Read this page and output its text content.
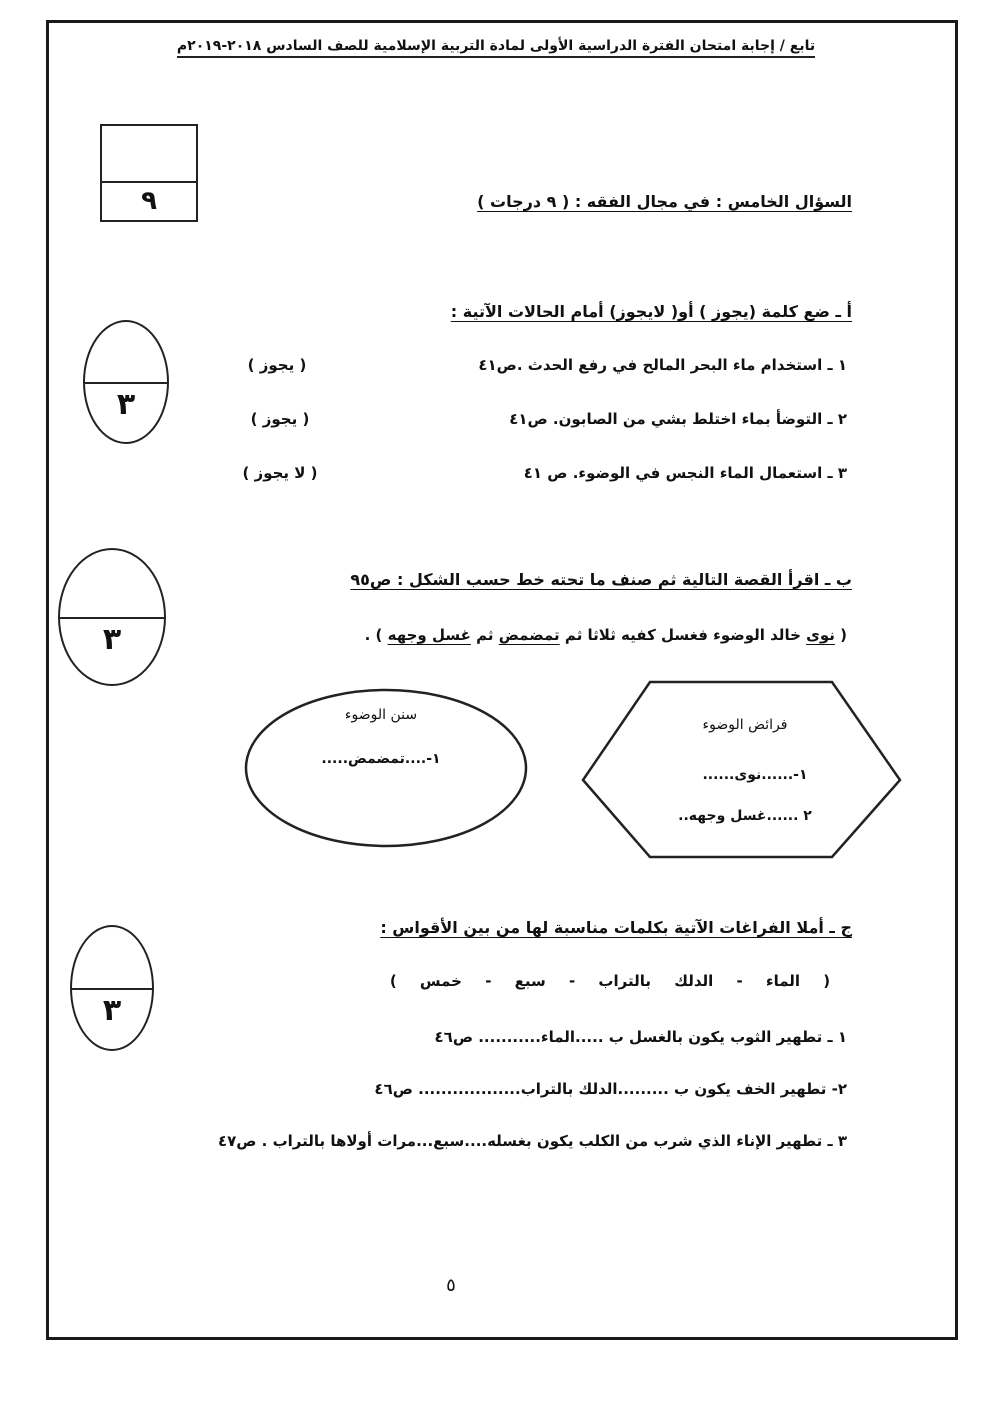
تابع / إجابة امتحان الفترة الدراسية الأولى لمادة التربية الإسلامية للصف السادس ٢٠١٨-٢٠١٩م
٩	السؤال الخامس : في مجال الفقه : ( ٩ درجات )
أ ـ ضع كلمة (يجوز ) أو( لايجوز) أمام الحالات الآتية :
٣
١ ـ استخدام ماء البحر المالح في رفع الحدث .ص٤١
( يجوز )
٢ ـ التوضأ بماء اختلط بشي من الصابون. ص٤١
( يجوز )
٣ ـ استعمال الماء النجس في الوضوء. ص ٤١
( لا يجوز )
ب ـ اقرأ القصة التالية ثم صنف ما تحته خط حسب الشكل : ص٩٥
٣	( نوى خالد الوضوء فغسل كفيه ثلاثا ثم تمضمض ثم غسل وجهه ) .
سنن الوضوء
١-....تمضمض.....
فرائض الوضوء
١-......نوى......
٢ ......غسل وجهه..
ج ـ أملا الفراغات الآتية بكلمات مناسبة لها من بين الأقواس :
٣
( الماء - الدلك بالتراب - سبع - خمس )
١ ـ تطهير الثوب يكون بالغسل ب .....الماء........... ص٤٦
٢- تطهير الخف يكون ب .........الدلك بالتراب.................. ص٤٦
٣ ـ تطهير الإناء الذي شرب من الكلب يكون بغسله....سبع...مرات أولاها بالتراب . ص٤٧
٥
